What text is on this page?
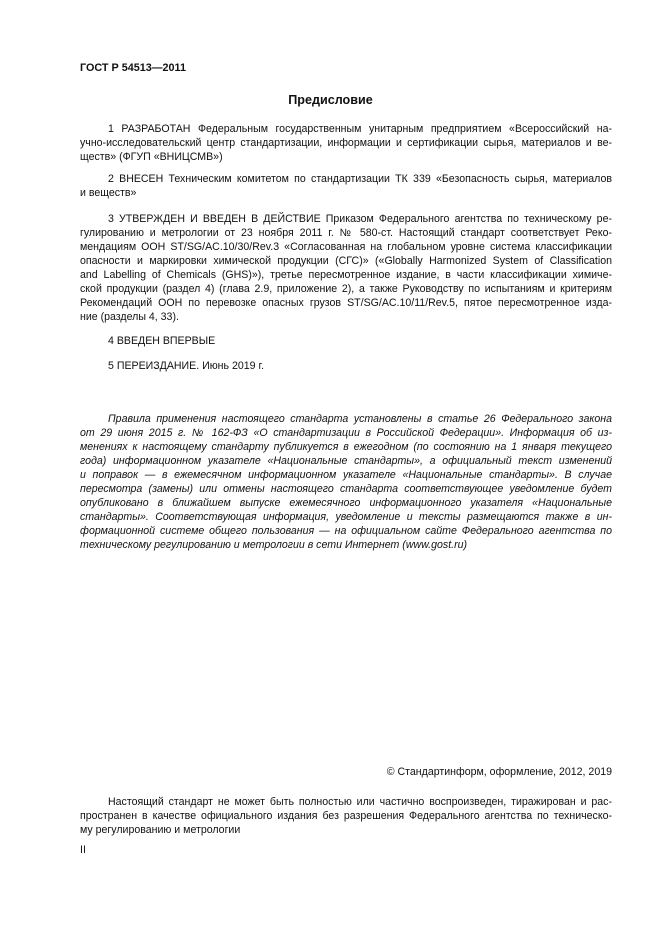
ГОСТ Р 54513—2011
Предисловие
1 РАЗРАБОТАН Федеральным государственным унитарным предприятием «Всероссийский на-
учно-исследовательский центр стандартизации, информации и сертификации сырья, материалов и ве-
ществ» (ФГУП «ВНИЦСМВ»)
2 ВНЕСЕН Техническим комитетом по стандартизации ТК 339 «Безопасность сырья, материалов
и веществ»
3 УТВЕРЖДЕН И ВВЕДЕН В ДЕЙСТВИЕ Приказом Федерального агентства по техническому ре-
гулированию и метрологии от 23 ноября 2011 г. № 580-ст. Настоящий стандарт соответствует Реко-
мендациям ООН ST/SG/AC.10/30/Rev.3 «Согласованная на глобальном уровне система классификации
опасности и маркировки химической продукции (СГС)» («Globally Harmonized System of Classification
and Labelling of Chemicals (GHS)»), третье пересмотренное издание, в части классификации химиче-
ской продукции (раздел 4) (глава 2.9, приложение 2), а также Руководству по испытаниям и критериям
Рекомендаций ООН по перевозке опасных грузов ST/SG/AC.10/11/Rev.5, пятое пересмотренное изда-
ние (разделы 4, 33).
4 ВВЕДЕН ВПЕРВЫЕ
5 ПЕРЕИЗДАНИЕ. Июнь 2019 г.
Правила применения настоящего стандарта установлены в статье 26 Федерального закона
от 29 июня 2015 г. № 162-ФЗ «О стандартизации в Российской Федерации». Информация об из-
менениях к настоящему стандарту публикуется в ежегодном (по состоянию на 1 января текущего
года) информационном указателе «Национальные стандарты», а официальный текст изменений
и поправок — в ежемесячном информационном указателе «Национальные стандарты». В случае
пересмотра (замены) или отмены настоящего стандарта соответствующее уведомление будет
опубликовано в ближайшем выпуске ежемесячного информационного указателя «Национальные
стандарты». Соответствующая информация, уведомление и тексты размещаются также в ин-
формационной системе общего пользования — на официальном сайте Федерального агентства по
техническому регулированию и метрологии в сети Интернет (www.gost.ru)
© Стандартинформ, оформление, 2012, 2019
Настоящий стандарт не может быть полностью или частично воспроизведен, тиражирован и рас-
пространен в качестве официального издания без разрешения Федерального агентства по техническо-
му регулированию и метрологии
II
